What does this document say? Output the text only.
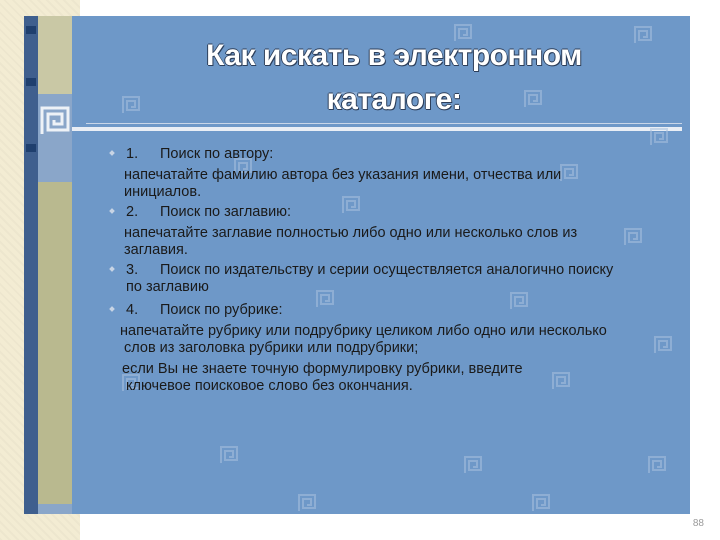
Как искать в электронном
каталоге:
1. Поиск по автору:
напечатайте фамилию автора без указания имени, отчества или
инициалов.
2. Поиск по заглавию:
напечатайте заглавие полностью либо одно или несколько слов из
заглавия.
3. Поиск по издательству и серии осуществляется аналогично поиску
по заглавию
4. Поиск по рубрике:
напечатайте рубрику или подрубрику целиком либо одно или несколько
слов из заголовка рубрики или подрубрики;
если Вы не знаете точную формулировку рубрики, введите
ключевое поисковое слово без окончания.
88
